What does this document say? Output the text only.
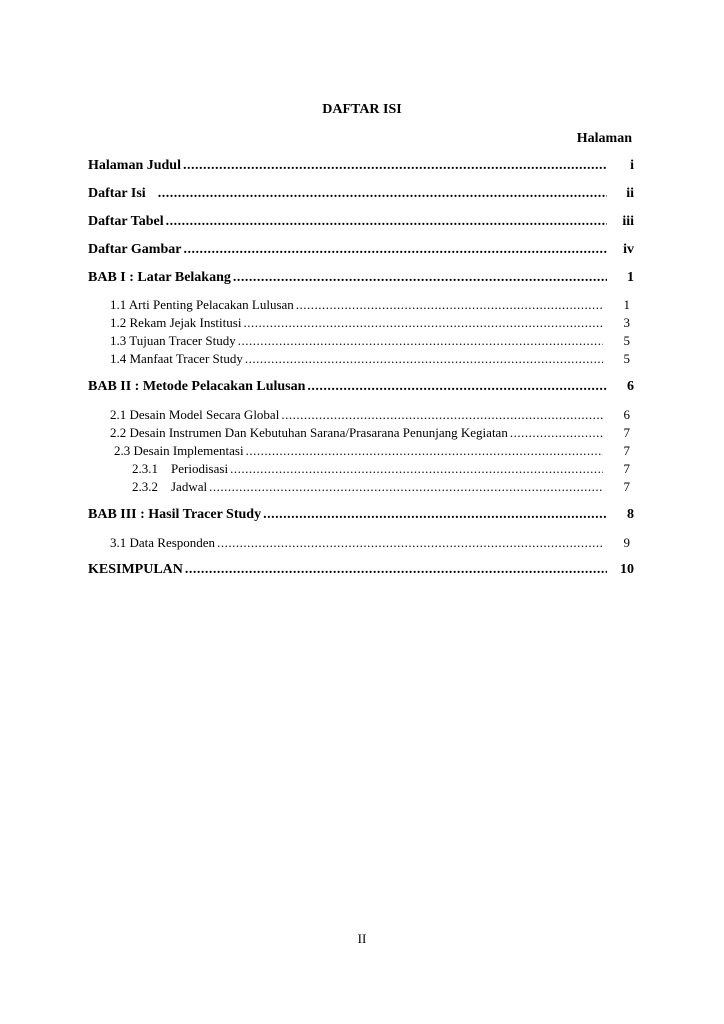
DAFTAR ISI
Halaman
Halaman Judul .....	i
Daftar Isi .....	ii
Daftar Tabel .....	iii
Daftar Gambar .....	iv
BAB I : Latar Belakang .....	1
1.1 Arti Penting Pelacakan Lulusan .....	1
1.2 Rekam Jejak Institusi .....	3
1.3 Tujuan Tracer Study .....	5
1.4 Manfaat Tracer Study .....	5
BAB II : Metode Pelacakan Lulusan .....	6
2.1 Desain Model Secara Global .....	6
2.2 Desain Instrumen Dan Kebutuhan Sarana/Prasarana Penunjang Kegiatan .....	7
2.3 Desain Implementasi .....	7
2.3.1    Periodisasi .....	7
2.3.2    Jadwal .....	7
BAB III : Hasil Tracer Study .....	8
3.1 Data Responden .....	9
KESIMPULAN .....	10
II
